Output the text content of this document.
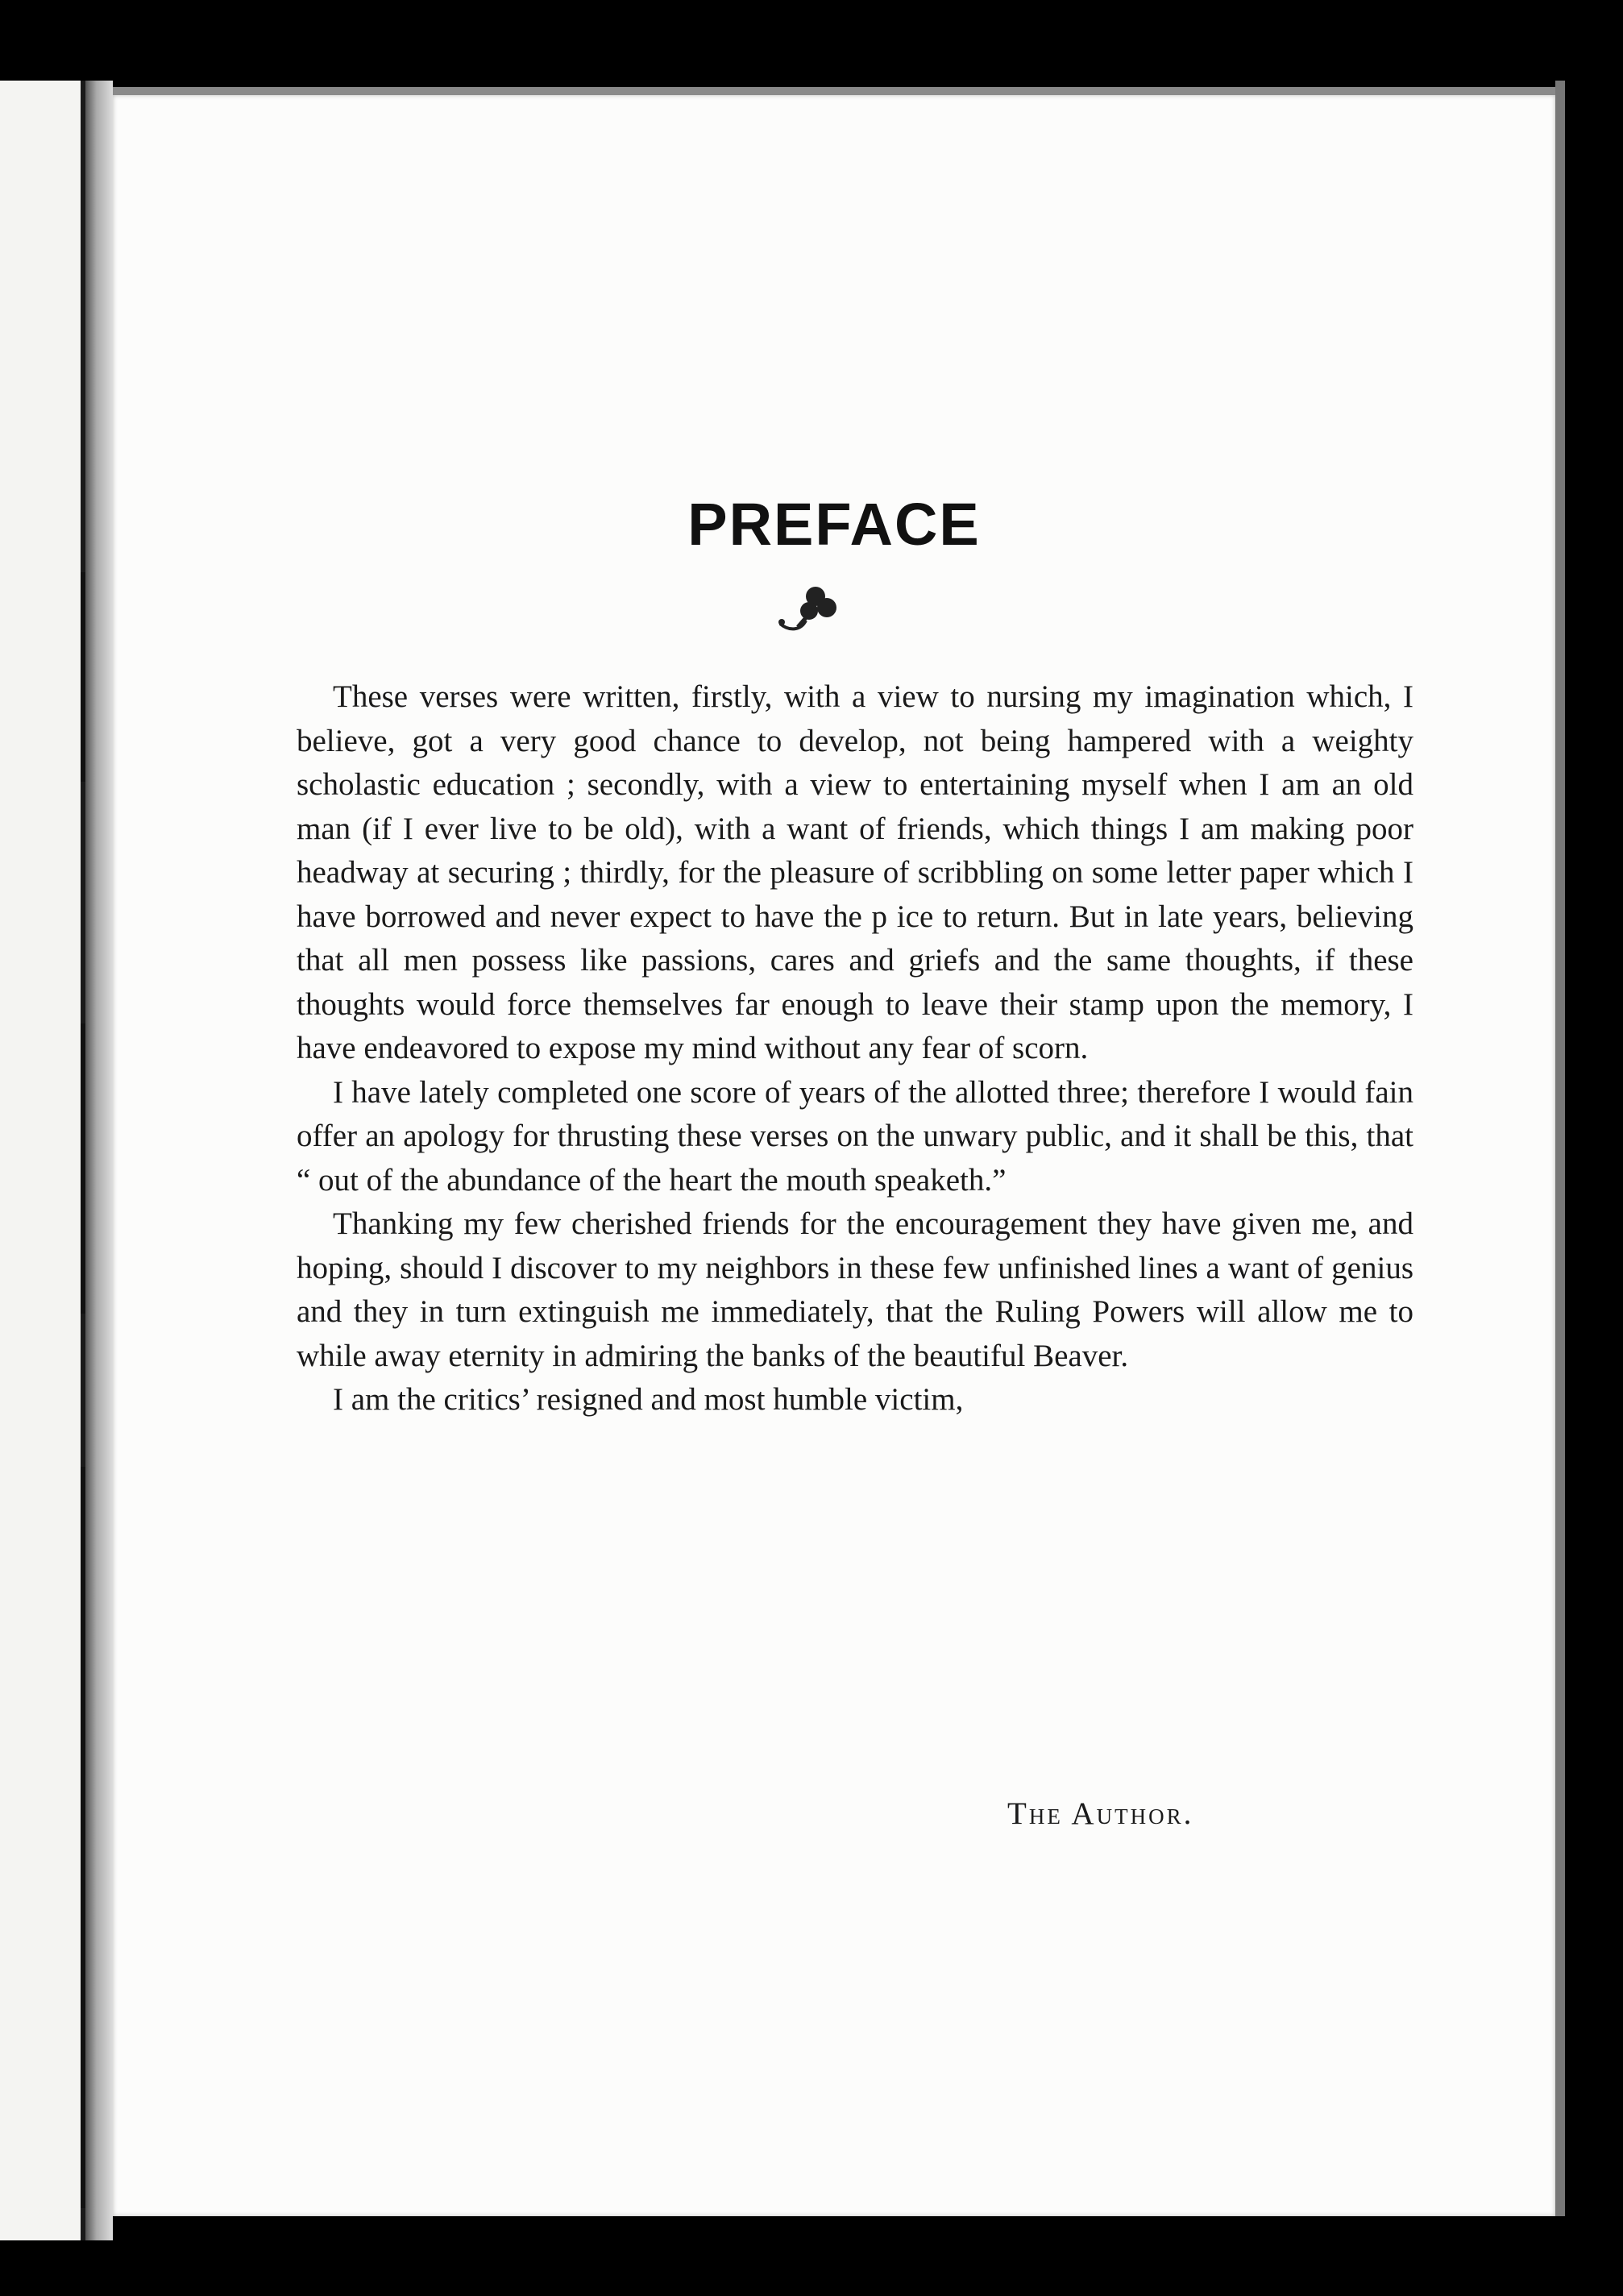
PREFACE

These verses were written, firstly, with a view to nursing my imagination which, I believe, got a very good chance to develop, not being hampered with a weighty scholastic education ; secondly, with a view to entertaining myself when I am an old man (if I ever live to be old), with a want of friends, which things I am making poor headway at securing ; thirdly, for the pleasure of scribbling on some letter paper which I have borrowed and never expect to have the p ice to return. But in late years, believing that all men possess like passions, cares and griefs and the same thoughts, if these thoughts would force themselves far enough to leave their stamp upon the memory, I have endeavored to expose my mind without any fear of scorn.

I have lately completed one score of years of the allotted three; therefore I would fain offer an apology for thrusting these verses on the unwary public, and it shall be this, that “ out of the abundance of the heart the mouth speaketh.”

Thanking my few cherished friends for the encouragement they have given me, and hoping, should I discover to my neighbors in these few unfinished lines a want of genius and they in turn extinguish me immediately, that the Ruling Powers will allow me to while away eternity in admiring the banks of the beautiful Beaver.

I am the critics’ resigned and most humble victim,

The Author.
